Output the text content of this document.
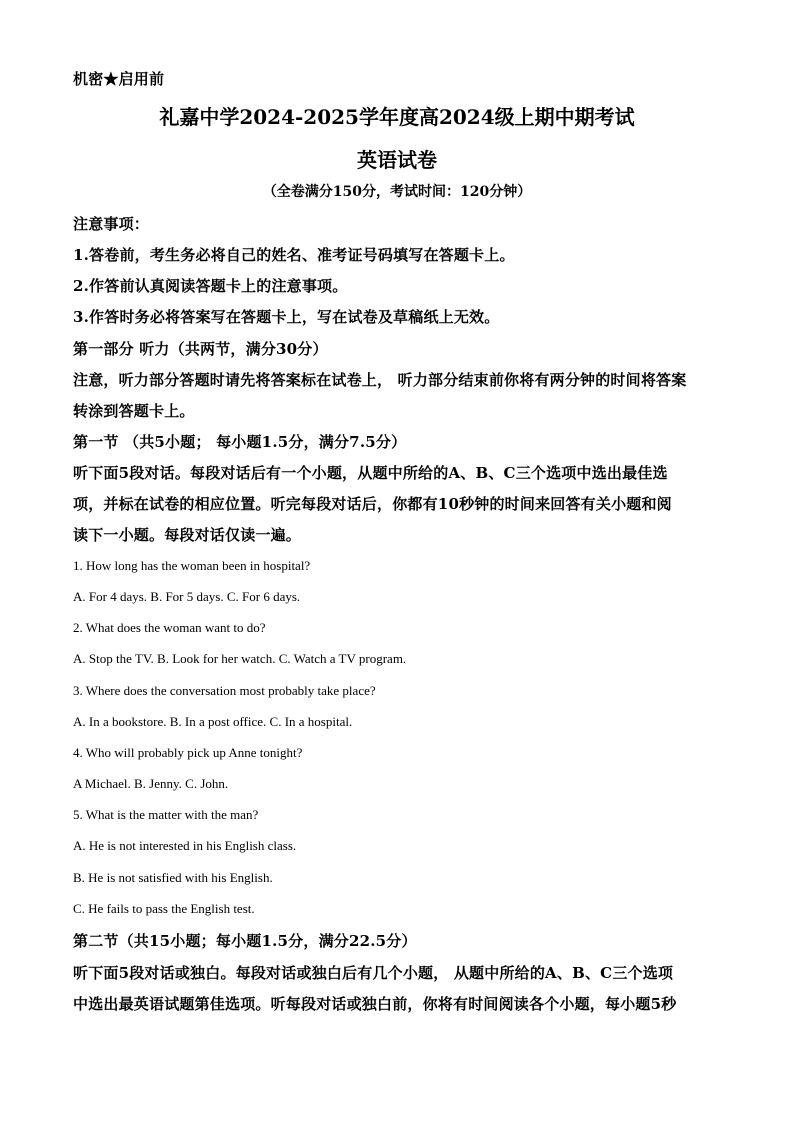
机密★启用前
礼嘉中学2024-2025学年度高2024级上期中期考试
英语试卷
（全卷满分150分，考试时间：120分钟）
注意事项：
1.答卷前，考生务必将自己的姓名、准考证号码填写在答题卡上。
2.作答前认真阅读答题卡上的注意事项。
3.作答时务必将答案写在答题卡上，写在试卷及草稿纸上无效。
第一部分 听力（共两节，满分30分）
注意，听力部分答题时请先将答案标在试卷上， 听力部分结束前你将有两分钟的时间将答案
转涂到答题卡上。
第一节 （共5小题； 每小题1.5分，满分7.5分）
听下面5段对话。每段对话后有一个小题，从题中所给的A、B、C三个选项中选出最佳选
项，并标在试卷的相应位置。听完每段对话后，你都有10秒钟的时间来回答有关小题和阅
读下一小题。每段对话仅读一遍。
1. How long has the woman been in hospital?
A. For 4 days. B. For 5 days. C. For 6 days.
2. What does the woman want to do?
A. Stop the TV. B. Look for her watch. C. Watch a TV program.
3. Where does the conversation most probably take place?
A. In a bookstore. B. In a post office. C. In a hospital.
4. Who will probably pick up Anne tonight?
A Michael. B. Jenny. C. John.
5. What is the matter with the man?
A. He is not interested in his English class.
B. He is not satisfied with his English.
C. He fails to pass the English test.
第二节（共15小题；每小题1.5分，满分22.5分）
听下面5段对话或独白。每段对话或独白后有几个小题， 从题中所给的A、B、C三个选项
中选出最英语试题第佳选项。听每段对话或独白前，你将有时间阅读各个小题，每小题5秒
